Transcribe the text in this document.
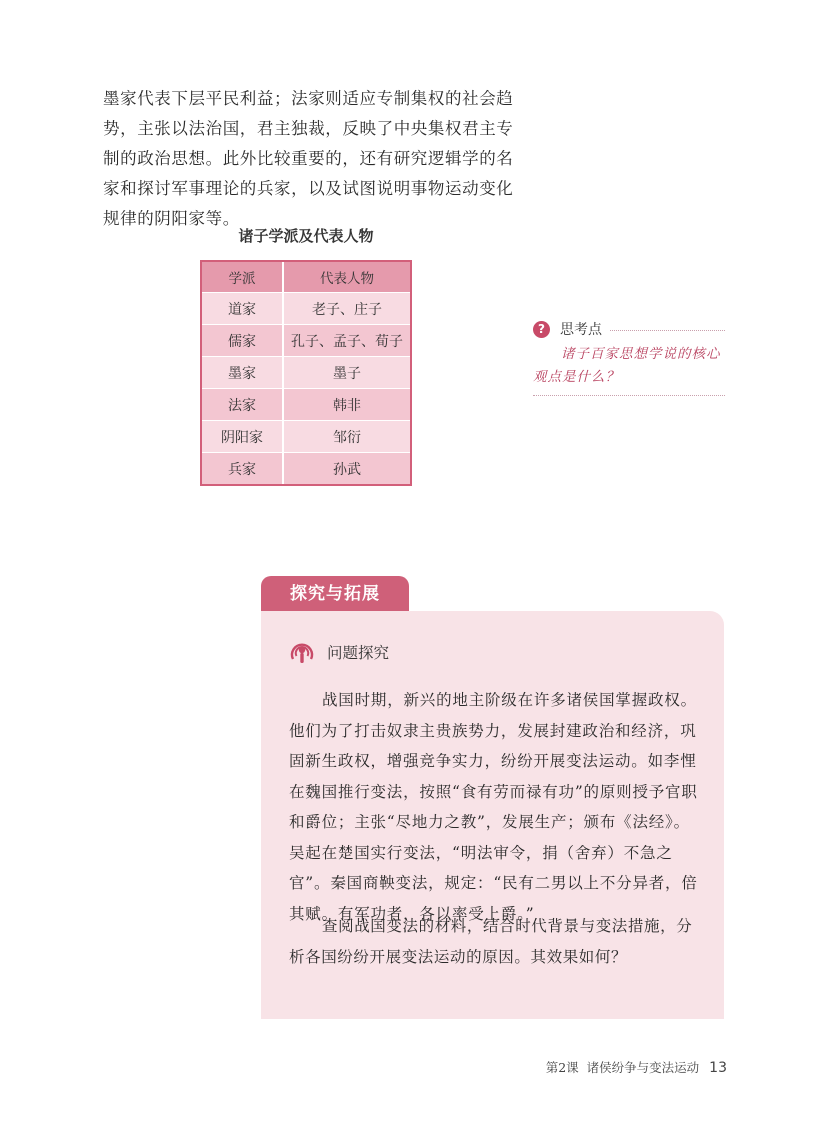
墨家代表下层平民利益；法家则适应专制集权的社会趋势，主张以法治国，君主独裁，反映了中央集权君主专制的政治思想。此外比较重要的，还有研究逻辑学的名家和探讨军事理论的兵家，以及试图说明事物运动变化规律的阴阳家等。

诸子学派及代表人物
学派	代表人物
道家	老子、庄子
儒家	孔子、孟子、荀子
墨家	墨子
法家	韩非
阴阳家	邹衍
兵家	孙武
?	思考点

诸子百家思想学说的核心观点是什么？

探究与拓展
问题探究

战国时期，新兴的地主阶级在许多诸侯国掌握政权。他们为了打击奴隶主贵族势力，发展封建政治和经济，巩固新生政权，增强竞争实力，纷纷开展变法运动。如李悝在魏国推行变法，按照“食有劳而禄有功”的原则授予官职和爵位；主张“尽地力之教”，发展生产；颁布《法经》。吴起在楚国实行变法，“明法审令，捐（舍弃）不急之官”。秦国商鞅变法，规定：“民有二男以上不分异者，倍其赋。有军功者，各以率受上爵。”

查阅战国变法的材料，结合时代背景与变法措施，分析各国纷纷开展变法运动的原因。其效果如何？

第2课 诸侯纷争与变法运动 13
